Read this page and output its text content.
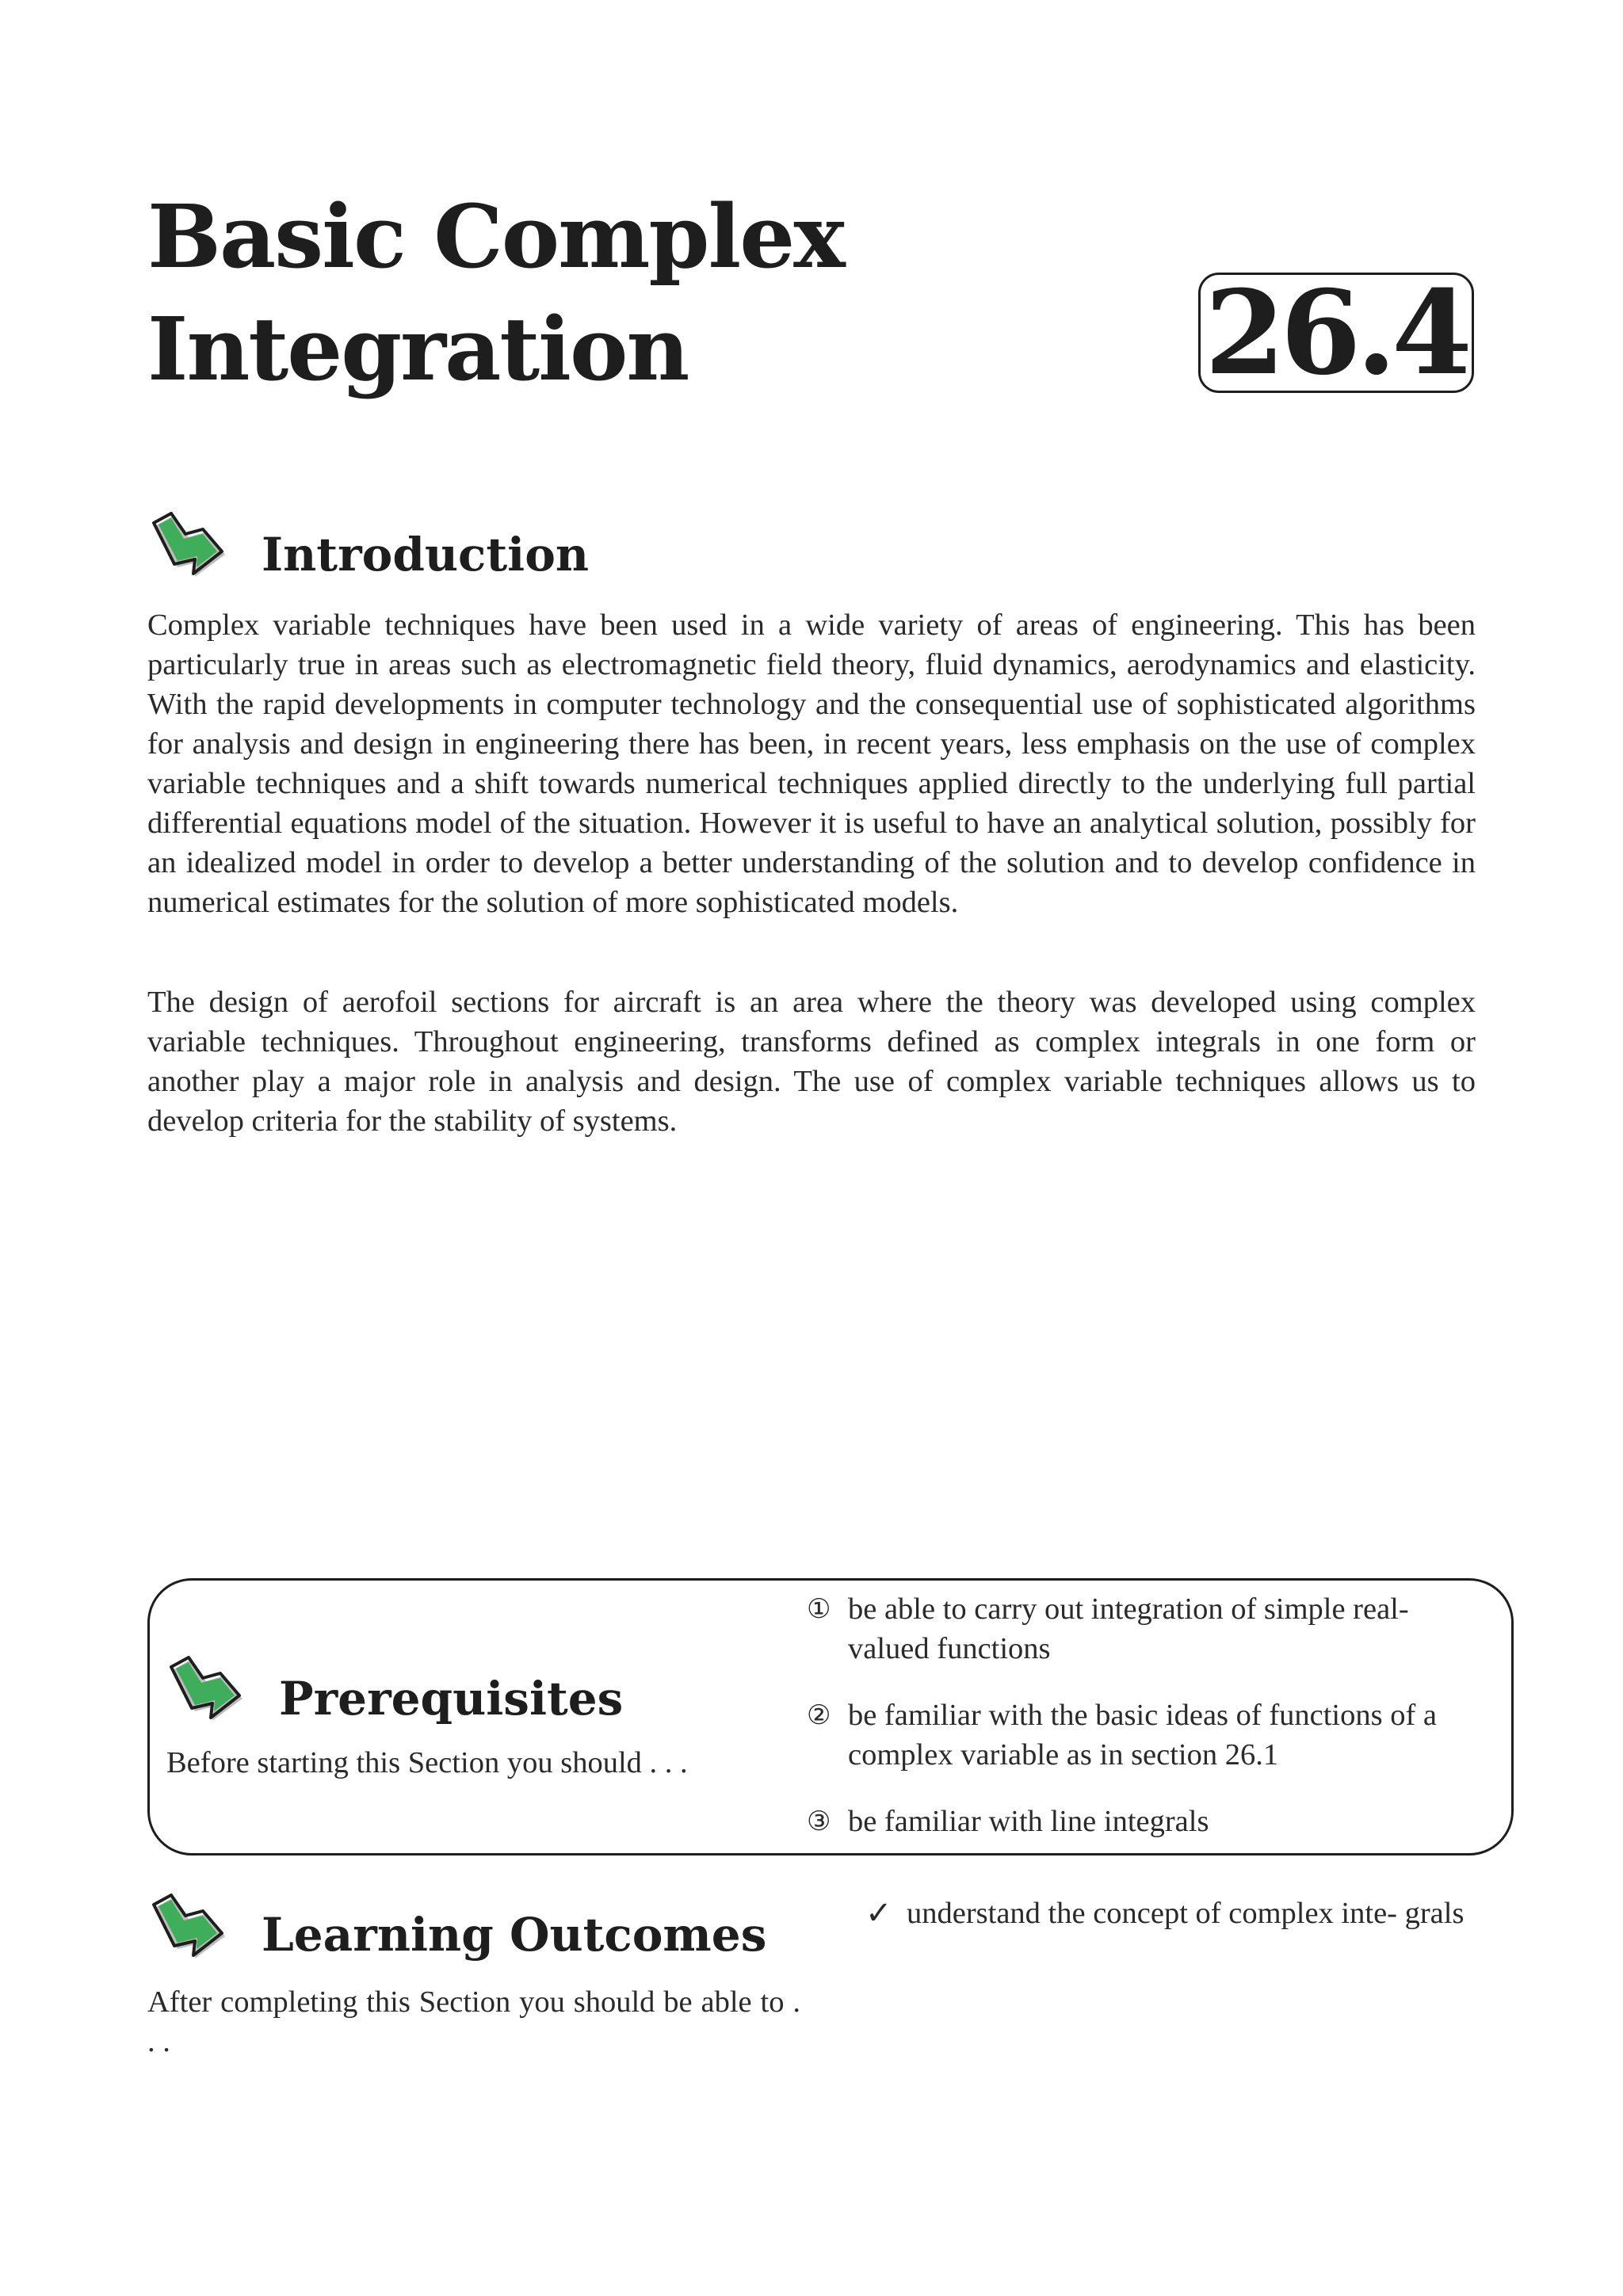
Basic Complex
Integration	26.4
Introduction

Complex variable techniques have been used in a wide variety of areas of engineering. This has been particularly true in areas such as electromagnetic field theory, fluid dynamics, aerodynamics and elasticity. With the rapid developments in computer technology and the consequential use of sophisticated algorithms for analysis and design in engineering there has been, in recent years, less emphasis on the use of complex variable techniques and a shift towards numerical techniques applied directly to the underlying full partial differential equations model of the situation. However it is useful to have an analytical solution, possibly for an idealized model in order to develop a better understanding of the solution and to develop confidence in numerical estimates for the solution of more sophisticated models.

The design of aerofoil sections for aircraft is an area where the theory was developed using complex variable techniques. Throughout engineering, transforms defined as complex integrals in one form or another play a major role in analysis and design. The use of complex variable techniques allows us to develop criteria for the stability of systems.

Prerequisites
Before starting this Section you should . . .
① be able to carry out integration of simple real-valued functions
② be familiar with the basic ideas of functions of a complex variable as in section 26.1
③ be familiar with line integrals
Learning Outcomes

After completing this Section you should be able to . . .

✓ understand the concept of complex inte- grals
